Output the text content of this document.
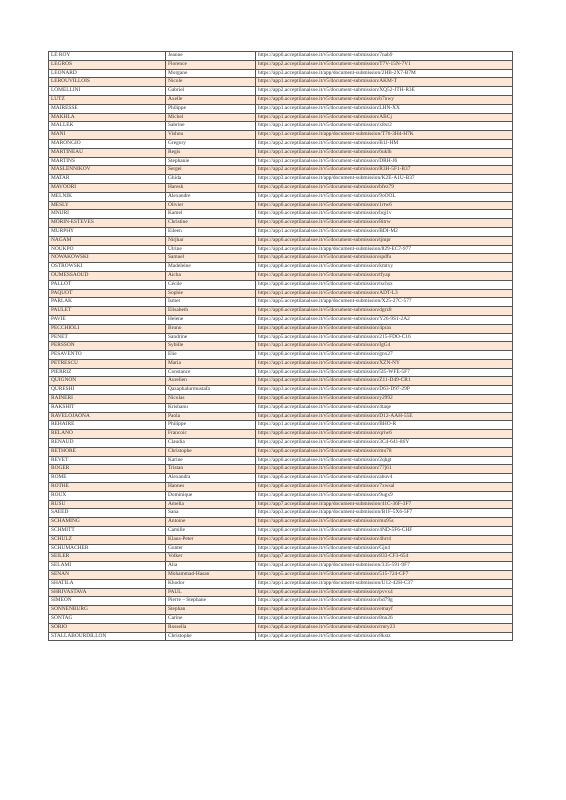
LE ROY	Jeanne	https://app6.acceptilanalsoe.it/v5/document-submission/7nab9
LEGROS	Florence	https://app2.acceptilanalsoe.it/v5/document-submission/T7V-15N-7V1
LEONARD	Morgane	https://app3.acceptilanalsoe.it/app/document-submission/2HB-2X7-B7M
LEROUVILLOIS	Nicole	https://app1.acceptilanalsoe.it/v5/document-submission/AKM-T
LOMELLINI	Gabriel	https://app2.acceptilanalsoe.it/v5/document-submission/XQ52-JTH-R3E
LUTZ	Axelle	https://app6.acceptilanalsoe.it/v5/document-submission/b7nwy
MAIRESSE	Philippe	https://app1.acceptilanalsoe.it/v5/document-submission/LHN-XX
MAKHLA	Michel	https://app1.acceptilanalsoe.it/v5/document-submission/ABCj
MALLEK	Sabrine	https://app1.acceptilanalsoe.it/v5/document-submission/x8xr2
MANI	Vishnu	https://app1.acceptilanalsoe.it/app/document-submission/T76-3H4-H7K
MARONGIO	Gregory	https://app2.acceptilanalsoe.it/v5/document-submission/B1J-HM
MARTINEAU	Regis	https://app1.acceptilanalsoe.it/v5/document-submission/6uklh
MARTINS	Stephanie	https://app1.acceptilanalsoe.it/v5/document-submission/DRH-J6
MASLENNIKOV	Sergei	https://app2.acceptilanalsoe.it/v5/document-submission/R3H-5F1-B37
MATAR	Ghida	https://app3.acceptilanalsoe.it/app/document-submission/K2E-A1U-B37
MAVOORI	Haresh	https://app6.acceptilanalsoe.it/v5/document-submission/bfez79
MELNIK	Alexandre	https://app6.acceptilanalsoe.it/v5/document-submission/9oOOL
MESLY	Olivier	https://app6.acceptilanalsoe.it/v5/document-submission/1rtw6
MNIJRI	Kamel	https://app6.acceptilanalsoe.it/v5/document-submission/bqj1v
MORIN-ESTEVES	Christine	https://app6.acceptilanalsoe.it/v5/document-submission/8itrw
MURPHY	Eileen	https://app1.acceptilanalsoe.it/v5/document-submission/BDI-M2
NAGAM	Nirjhar	https://app6.acceptilanalsoe.it/v5/document-submission/tjmpr
NOUKPO	Ulrine	https://app4.acceptilanalsoe.it/app/document-submission/829-EC7-977
NOWAKOWSKI	Samuel	https://app6.acceptilanalsoe.it/v5/document-submission/spdfu
OSTROWSKI	Madeleine	https://app6.acceptilanalsoe.it/v5/document-submission/kmtxy
OUMESSAOUD	Aicha	https://app6.acceptilanalsoe.it/v5/document-submission/tfyap
PALLOT	Cécile	https://app6.acceptilanalsoe.it/v5/document-submission/tschsx
PAQUOT	Sophie	https://app1.acceptilanalsoe.it/v5/document-submission/ADT-L3
PARLAK	Ismet	https://app5.acceptilanalsoe.it/app/document-submission/X25-27C-577
PAULET	Elisabeth	https://app6.acceptilanalsoe.it/v5/document-submission/dgrz8
PAVIE	Helene	https://app2.acceptilanalsoe.it/v5/document-submission/Y26-9S1-2A2
PECCHIOLI	Bruno	https://app6.acceptilanalsoe.it/v5/document-submission/4prax
PENET	Sandrine	https://app5.acceptilanalsoe.it/v5/document-submission/215-FDO-C16
PERSSON	Sybille	https://app1.acceptilanalsoe.it/v5/document-submission/IgG4
PESAVENTO	Elie	https://app6.acceptilanalsoe.it/v5/document-submission/gnx27
PETRESCU	Maria	https://app1.acceptilanalsoe.it/v5/document-submission/XZN-NY
PIERRIZ	Constance	https://app6.acceptilanalsoe.it/v5/document-submission/5I5-WFE-5F7
QUIGNON	Aurelien	https://app4.acceptilanalsoe.it/v5/document-submission/Z11-D49-CR1
QURESHI	Qazaphalurmustafa	https://app3.acceptilanalsoe.it/v5/document-submission/D63-D97-29P
RAINERI	Nicolas	https://app6.acceptilanalsoe.it/v5/document-submission/y2992
RAKSHIT	Krishanu	https://app6.acceptilanalsoe.it/v5/document-submission/4taqe
RAVELOJAONA	Paola	https://app4.acceptilanalsoe.it/v5/document-submission/D12-AAH-55E
REHAIRE	Philippe	https://app1.acceptilanalsoe.it/v5/document-submission/BHO-R
RELANO	Francoic	https://app6.acceptilanalsoe.it/v5/document-submission/qriw6
RENAUD	Claudia	https://app2.acceptilanalsoe.it/v5/document-submission/3C4-641-86Y
RETHORE	Christophe	https://app6.acceptilanalsoe.it/v5/document-submission/mu78
REVET	Karine	https://app6.acceptilanalsoe.it/v5/document-submission/2qhgt
ROGER	Tristan	https://app6.acceptilanalsoe.it/v5/document-submission/77j61
ROME	Alexandra	https://app6.acceptilanalsoe.it/v5/document-submission/abuv4
ROTHE	Hannes	https://app6.acceptilanalsoe.it/v5/document-submission/7xwsal
ROUX	Dominique	https://app6.acceptilanalsoe.it/v5/document-submission/9ugx9
RUSU	Amelia	https://app7.acceptilanalsoe.it/app/document-submission/41C-36F-3F7
SAEED	Sana	https://app3.acceptilanalsoe.it/app/document-submission/B1F-5X6-5F7
SCHAMING	Antoine	https://app6.acceptilanalsoe.it/v5/document-submission/mu95s
SCHMITT	Camille	https://app6.acceptilanalsoe.it/v5/document-submission/4ND-5F6-CHF
SCHULZ	Klaus-Peter	https://app6.acceptilanalsoe.it/v5/document-submission/4hrr4
SCHUMACHER	Gunter	https://app6.acceptilanalsoe.it/v5/document-submission/Gjn4
SEILER	Volker	https://app7.acceptilanalsoe.it/v5/document-submission/833-CF3-654
SELAMI	Alia	https://app4.acceptilanalsoe.it/app/document-submission/335-591-9F7
SENAN	Mohammad-Hasan	https://app5.acceptilanalsoe.it/v5/document-submission/515-724-CF7
SHATILA	Khodor	https://app1.acceptilanalsoe.it/app/document-submission/U12-42H-C37
SHRIVASTAVA	PAUL	https://app6.acceptilanalsoe.it/v5/document-submission/pvvx4
SIMEON	Pierre – Stephane	https://app6.acceptilanalsoe.it/v5/document-submission/bd79g
SONNENBURG	Stephan	https://app6.acceptilanalsoe.it/v5/document-submission/emayf
SONTAG	Carine	https://app6.acceptilanalsoe.it/v5/document-submission/8nn26
SORIO	Rossella	https://app6.acceptilanalsoe.it/v5/document-submission/rmry23
STALLABOURDILLON	Christophe	https://app6.acceptilanalsoe.it/v5/document-submission/8kstz
